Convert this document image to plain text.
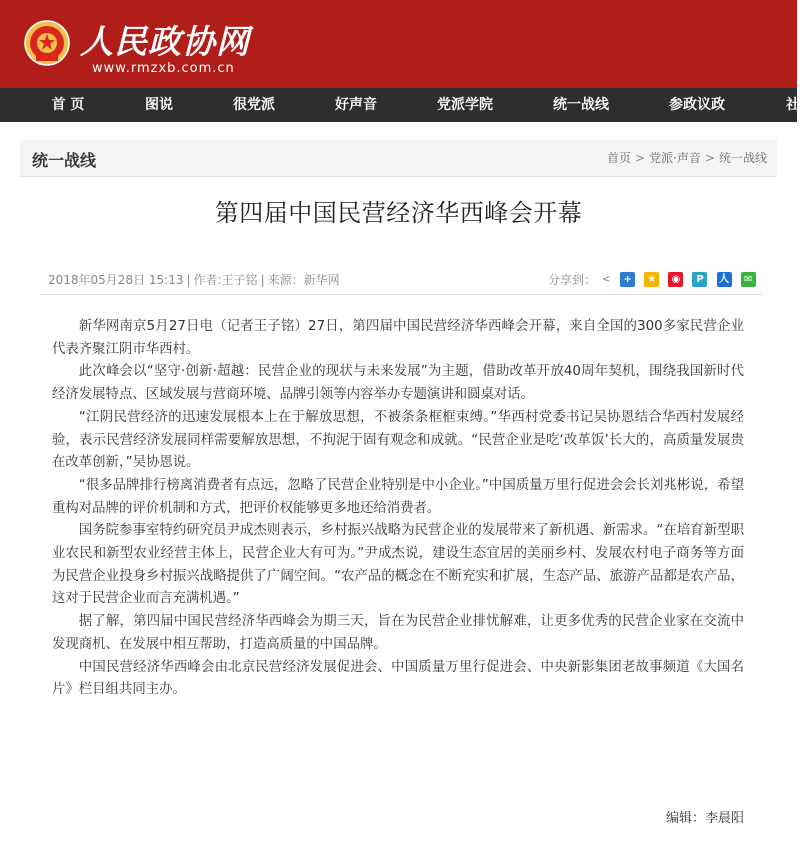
人民政协网
www.rmzxb.com.cn
首 页	图说	很党派	好声音	党派学院	统一战线	参政议政	社
统一战线	首页 > 党派·声音 > 统一战线
第四届中国民营经济华西峰会开幕
2018年05月28日 15:13 | 作者:王子铭 | 来源：新华网	分享到： < + ★ ◉ P 人 ✉

新华网南京5月27日电（记者王子铭）27日，第四届中国民营经济华西峰会开幕，来自全国的300多家民营企业代表齐聚江阴市华西村。

此次峰会以“坚守·创新·超越：民营企业的现状与未来发展”为主题，借助改革开放40周年契机，围绕我国新时代经济发展特点、区域发展与营商环境、品牌引领等内容举办专题演讲和圆桌对话。

“江阴民营经济的迅速发展根本上在于解放思想，不被条条框框束缚。”华西村党委书记吴协恩结合华西村发展经验，表示民营经济发展同样需要解放思想，不拘泥于固有观念和成就。“民营企业是吃‘改革饭’长大的，高质量发展贵在改革创新，”吴协恩说。

“很多品牌排行榜离消费者有点远，忽略了民营企业特别是中小企业。”中国质量万里行促进会会长刘兆彬说，希望重构对品牌的评价机制和方式，把评价权能够更多地还给消费者。

国务院参事室特约研究员尹成杰则表示，乡村振兴战略为民营企业的发展带来了新机遇、新需求。“在培育新型职业农民和新型农业经营主体上，民营企业大有可为。”尹成杰说，建设生态宜居的美丽乡村、发展农村电子商务等方面为民营企业投身乡村振兴战略提供了广阔空间。“农产品的概念在不断充实和扩展，生态产品、旅游产品都是农产品，这对于民营企业而言充满机遇。”

据了解，第四届中国民营经济华西峰会为期三天，旨在为民营企业排忧解难，让更多优秀的民营企业家在交流中发现商机、在发展中相互帮助，打造高质量的中国品牌。

中国民营经济华西峰会由北京民营经济发展促进会、中国质量万里行促进会、中央新影集团老故事频道《大国名片》栏目组共同主办。

编辑：李晨阳
